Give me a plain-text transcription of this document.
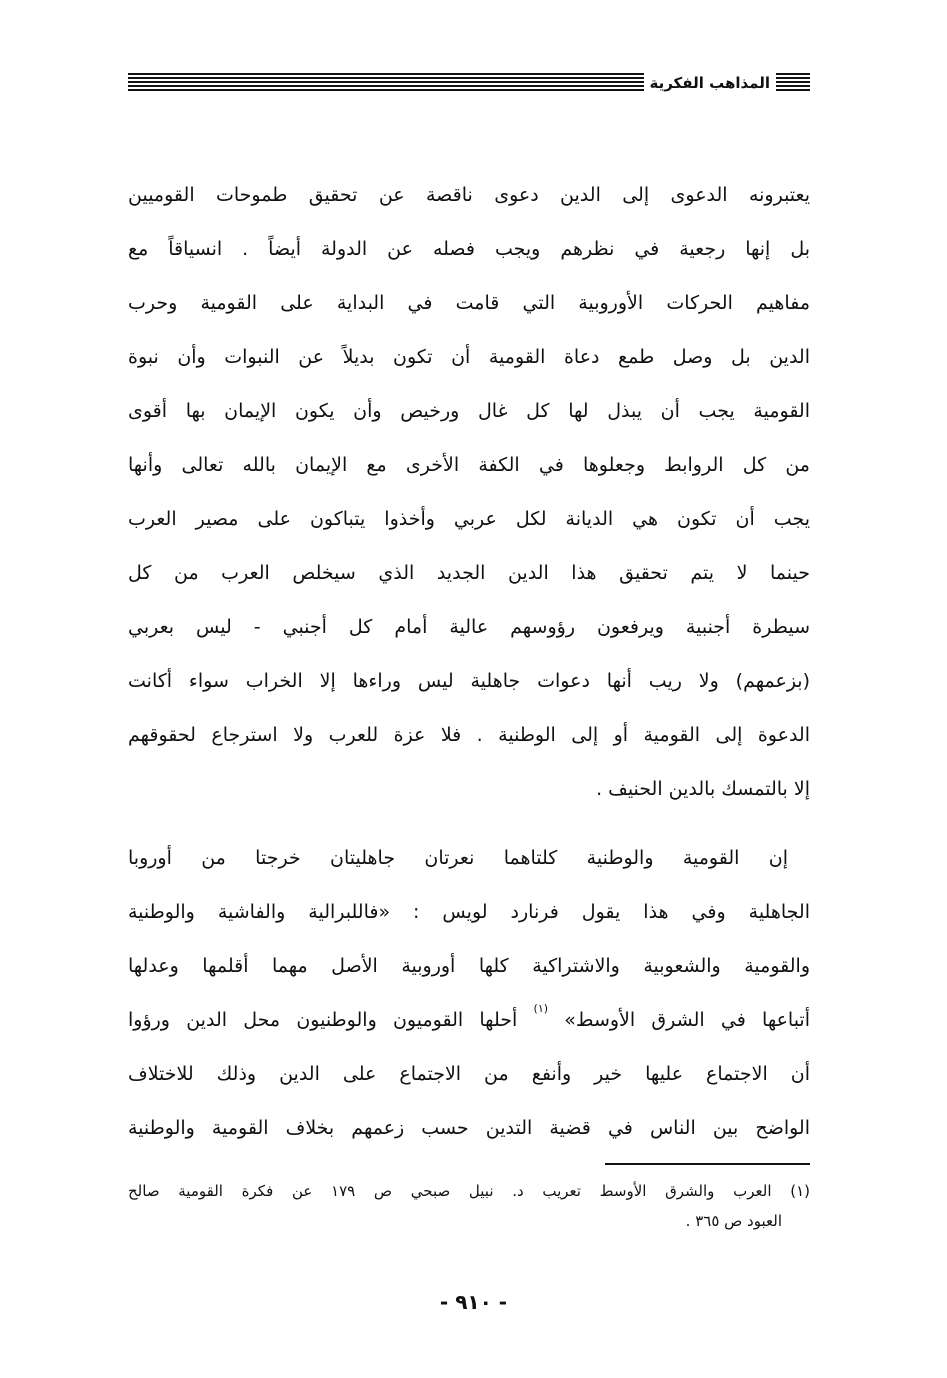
المذاهب الفكرية
يعتبرونه الدعوى إلى الدين دعوى ناقصة عن تحقيق طموحات القوميين
بل إنها رجعية في نظرهم ويجب فصله عن الدولة أيضاً . انسياقاً مع
مفاهيم الحركات الأوروبية التي قامت في البداية على القومية وحرب
الدين بل وصل طمع دعاة القومية أن تكون بديلاً عن النبوات وأن نبوة
القومية يجب أن يبذل لها كل غال ورخيص وأن يكون الإيمان بها أقوى
من كل الروابط وجعلوها في الكفة الأخرى مع الإيمان بالله تعالى وأنها
يجب أن تكون هي الديانة لكل عربي وأخذوا يتباكون على مصير العرب
حينما لا يتم تحقيق هذا الدين الجديد الذي سيخلص العرب من كل
سيطرة أجنبية ويرفعون رؤوسهم عالية أمام كل أجنبي - ليس بعربي
(بزعمهم) ولا ريب أنها دعوات جاهلية ليس وراءها إلا الخراب سواء أكانت
الدعوة إلى القومية أو إلى الوطنية . فلا عزة للعرب ولا استرجاع لحقوقهم
إلا بالتمسك بالدين الحنيف .
إن القومية والوطنية كلتاهما نعرتان جاهليتان خرجتا من أوروبا
الجاهلية وفي هذا يقول فرنارد لويس : «فاللبرالية والفاشية والوطنية
والقومية والشعوبية والاشتراكية كلها أوروبية الأصل مهما أقلمها وعدلها
أتباعها في الشرق الأوسط» $^{(١)}$ أحلها القوميون والوطنيون محل الدين ورؤوا
أن الاجتماع عليها خير وأنفع من الاجتماع على الدين وذلك للاختلاف
الواضح بين الناس في قضية التدين حسب زعمهم بخلاف القومية والوطنية
(١) العرب والشرق الأوسط تعريب د. نبيل صبحي ص ١٧٩ عن فكرة القومية صالح
العبود ص ٣٦٥ .
- ٩١٠ -
